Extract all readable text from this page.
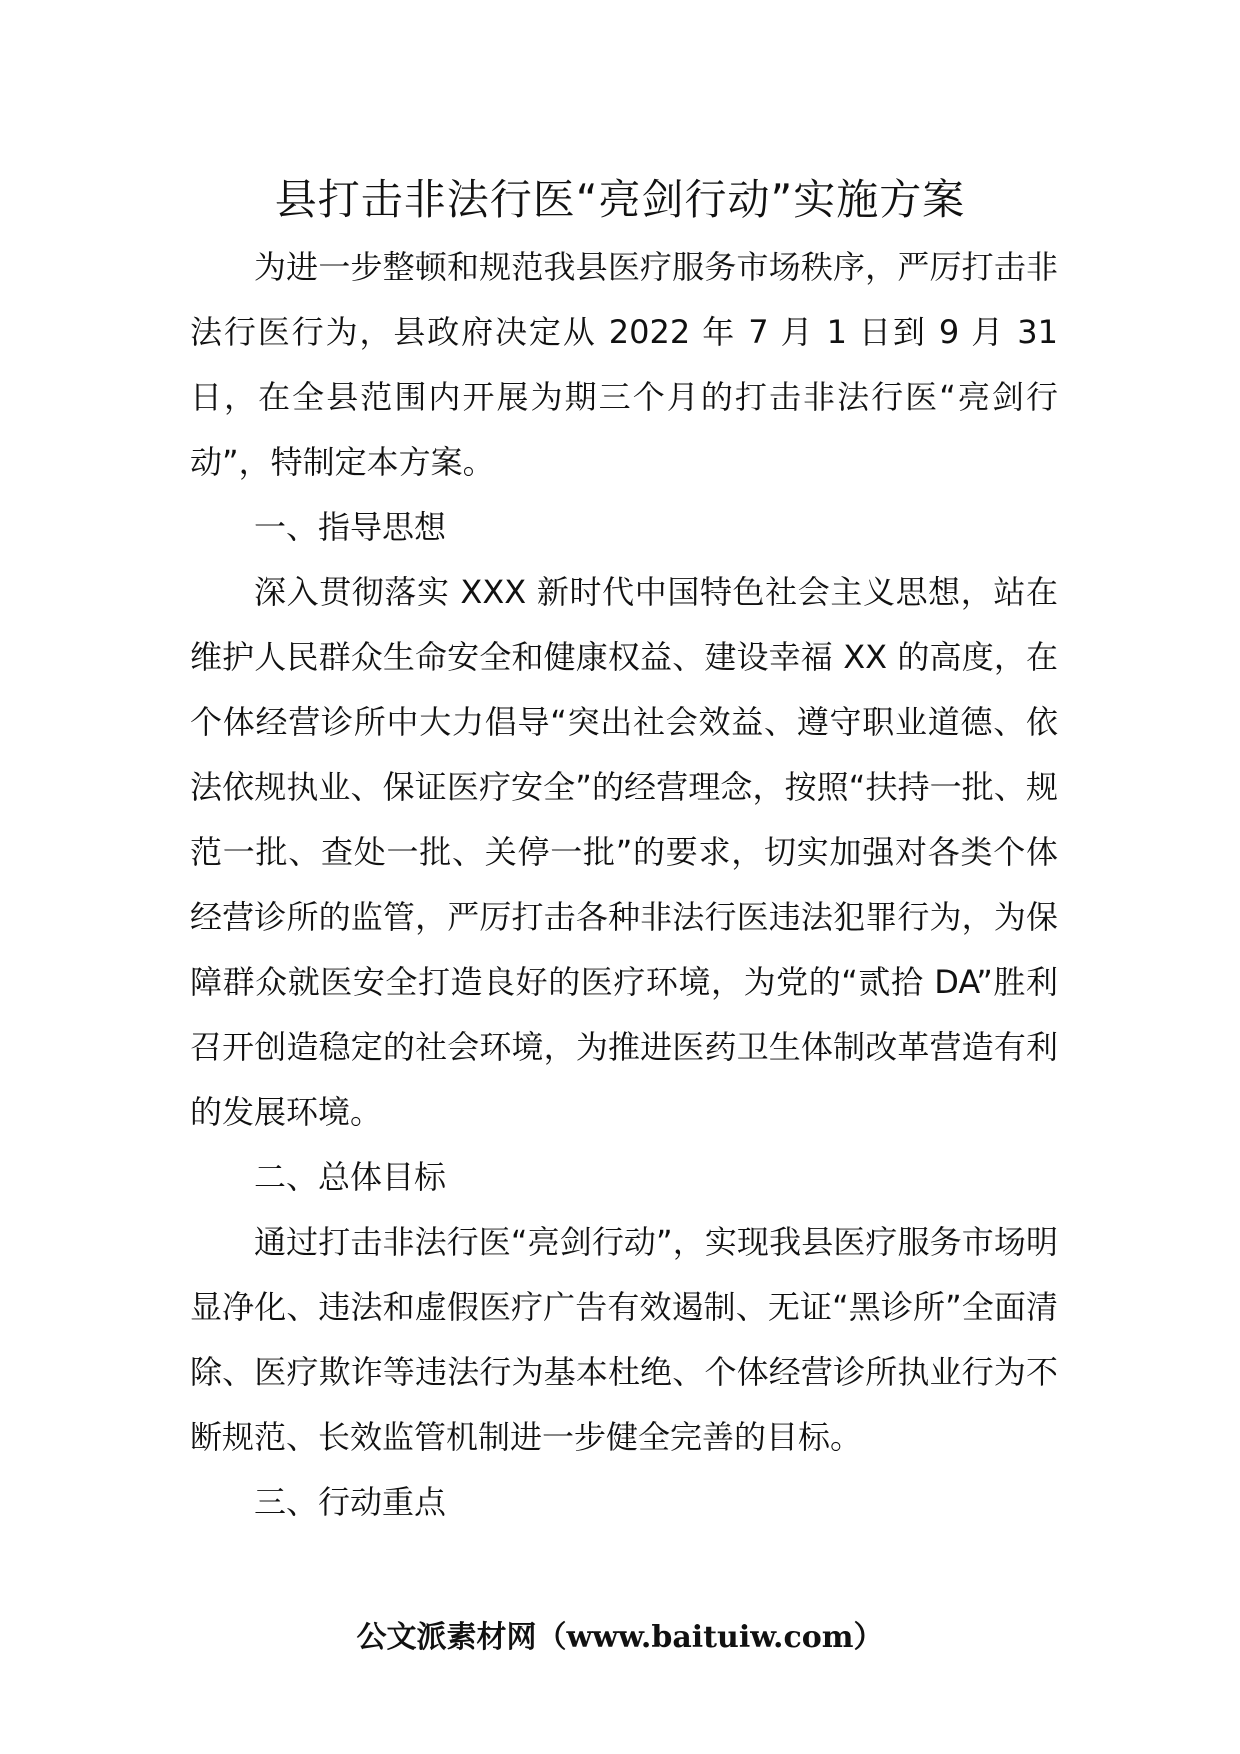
县打击非法行医“亮剑行动”实施方案

为进一步整顿和规范我县医疗服务市场秩序，严厉打击非法行医行为，县政府决定从 2022 年 7 月 1 日到 9 月 31 日，在全县范围内开展为期三个月的打击非法行医“亮剑行动”，特制定本方案。

一、指导思想

深入贯彻落实 XXX 新时代中国特色社会主义思想，站在维护人民群众生命安全和健康权益、建设幸福 XX 的高度，在个体经营诊所中大力倡导“突出社会效益、遵守职业道德、依法依规执业、保证医疗安全”的经营理念，按照“扶持一批、规范一批、查处一批、关停一批”的要求，切实加强对各类个体经营诊所的监管，严厉打击各种非法行医违法犯罪行为，为保障群众就医安全打造良好的医疗环境，为党的“贰拾 DA”胜利召开创造稳定的社会环境，为推进医药卫生体制改革营造有利的发展环境。

二、总体目标

通过打击非法行医“亮剑行动”，实现我县医疗服务市场明显净化、违法和虚假医疗广告有效遏制、无证“黑诊所”全面清除、医疗欺诈等违法行为基本杜绝、个体经营诊所执业行为不断规范、长效监管机制进一步健全完善的目标。

三、行动重点

公文派素材网（www.baituiw.com）
